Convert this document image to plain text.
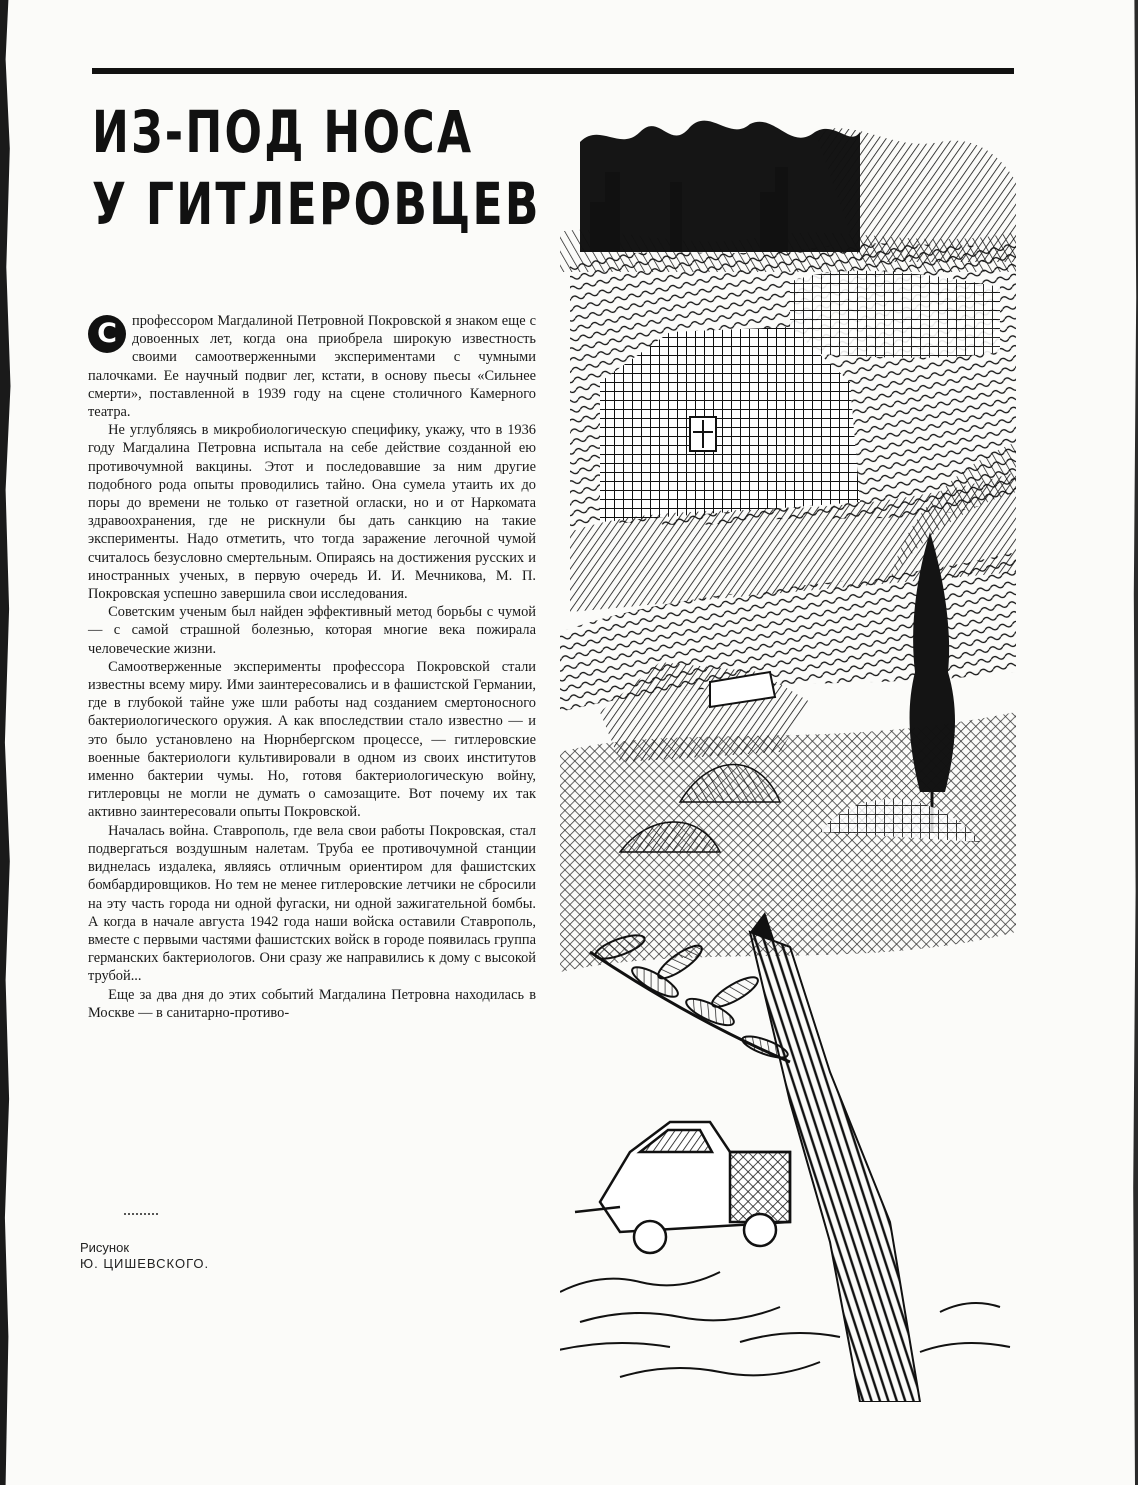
ИЗ-ПОД НОСА
У ГИТЛЕРОВЦЕВ

С	профессором Магдалиной Петровной Покровской я знаком еще с довоенных лет, когда она приобрела широкую известность своими самоотверженными экспериментами с чумными палочками. Ее научный подвиг лег, кстати, в основу пьесы «Сильнее смерти», поставленной в 1939 году на сцене столичного Камерного театра.

Не углубляясь в микробиологическую специфику, укажу, что в 1936 году Магдалина Петровна испытала на себе действие созданной ею противочумной вакцины. Этот и последовавшие за ним другие подобного рода опыты проводились тайно. Она сумела утаить их до поры до времени не только от газетной огласки, но и от Наркомата здравоохранения, где не рискнули бы дать санкцию на такие эксперименты. Надо отметить, что тогда заражение легочной чумой считалось безусловно смертельным. Опираясь на достижения русских и иностранных ученых, в первую очередь И. И. Мечникова, М. П. Покровская успешно завершила свои исследования.

Советским ученым был найден эффективный метод борьбы с чумой — с самой страшной болезнью, которая многие века пожирала человеческие жизни.

Самоотверженные эксперименты профессора Покровской стали известны всему миру. Ими заинтересовались и в фашистской Германии, где в глубокой тайне уже шли работы над созданием смертоносного бактериологического оружия. А как впоследствии стало известно — и это было установлено на Нюрнбергском процессе, — гитлеровские военные бактериологи культивировали в одном из своих институтов именно бактерии чумы. Но, готовя бактериологическую войну, гитлеровцы не могли не думать о самозащите. Вот почему их так активно заинтересовали опыты Покровской.

Началась война. Ставрополь, где вела свои работы Покровская, стал подвергаться воздушным налетам. Труба ее противочумной станции виднелась издалека, являясь отличным ориентиром для фашистских бомбардировщиков. Но тем не менее гитлеровские летчики не сбросили на эту часть города ни одной фугаски, ни одной зажигательной бомбы. А когда в начале августа 1942 года наши войска оставили Ставрополь, вместе с первыми частями фашистских войск в городе появилась группа германских бактериологов. Они сразу же направились к дому с высокой трубой...

Еще за два дня до этих событий Магдалина Петровна находилась в Москве — в санитарно-противо-

Рисунок
Ю. ЦИШЕВСКОГО.
